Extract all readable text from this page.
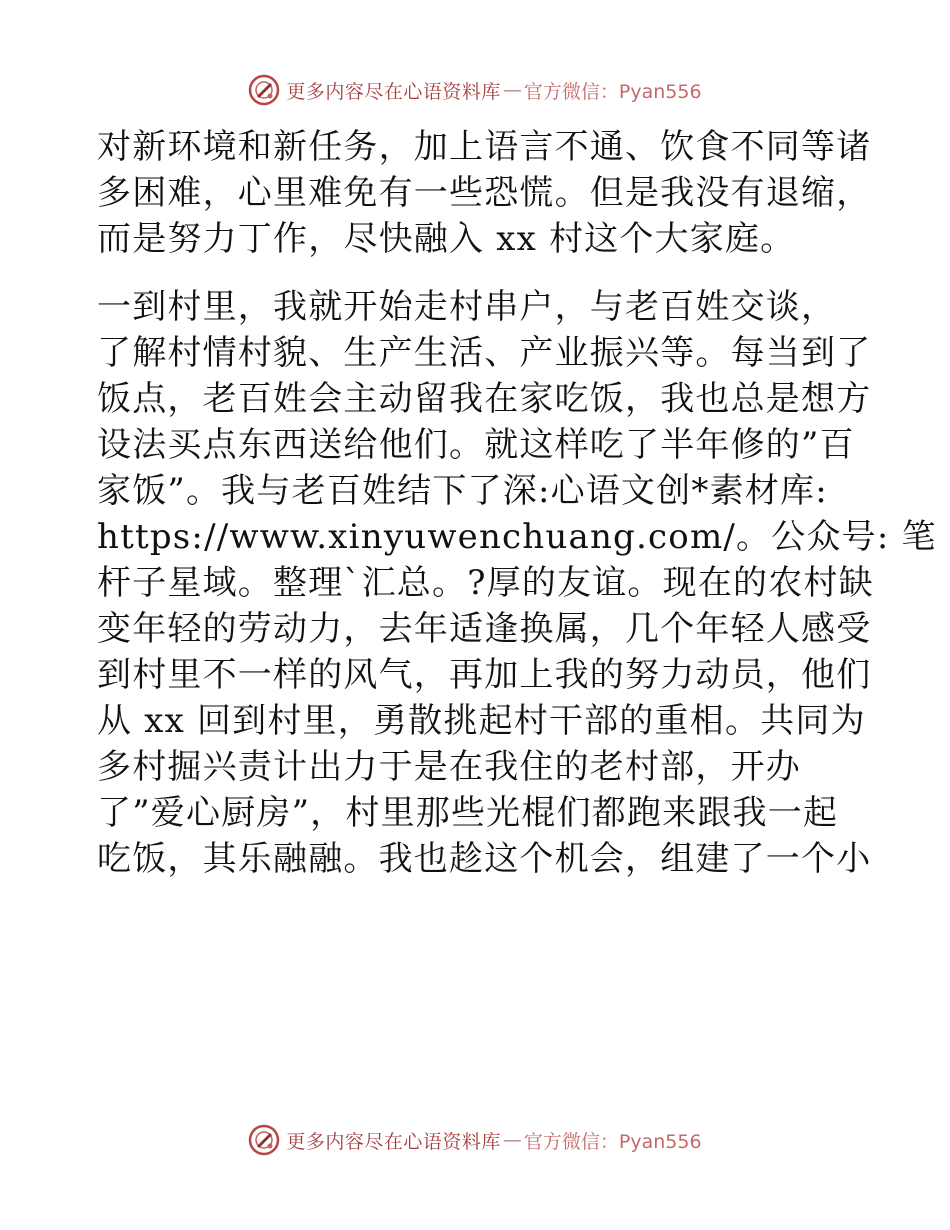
更多内容尽在心语资料库 — 官方微信：Pyan556
对新环境和新任务，加上语言不通、饮食不同等诸
多困难，心里难免有一些恐慌。但是我没有退缩，
而是努力丁作，尽快融入 xx 村这个大家庭。
一到村里，我就开始走村串户，与老百姓交谈，
了解村情村貌、生产生活、产业振兴等。每当到了
饭点，老百姓会主动留我在家吃饭，我也总是想方
设法买点东西送给他们。就这样吃了半年修的”百
家饭”。我与老百姓结下了深:心语文创*素材库:
https://www.xinyuwenchuang.com/。公众号: 笔
杆子星域。整理`汇总。?厚的友谊。现在的农村缺
变年轻的劳动力，去年适逢换属，几个年轻人感受
到村里不一样的风气，再加上我的努力动员，他们
从 xx 回到村里，勇散挑起村干部的重相。共同为
多村掘兴责计出力于是在我住的老村部，开办
了”爱心厨房”，村里那些光棍们都跑来跟我一起
吃饭，其乐融融。我也趁这个机会，组建了一个小
更多内容尽在心语资料库 — 官方微信：Pyan556
